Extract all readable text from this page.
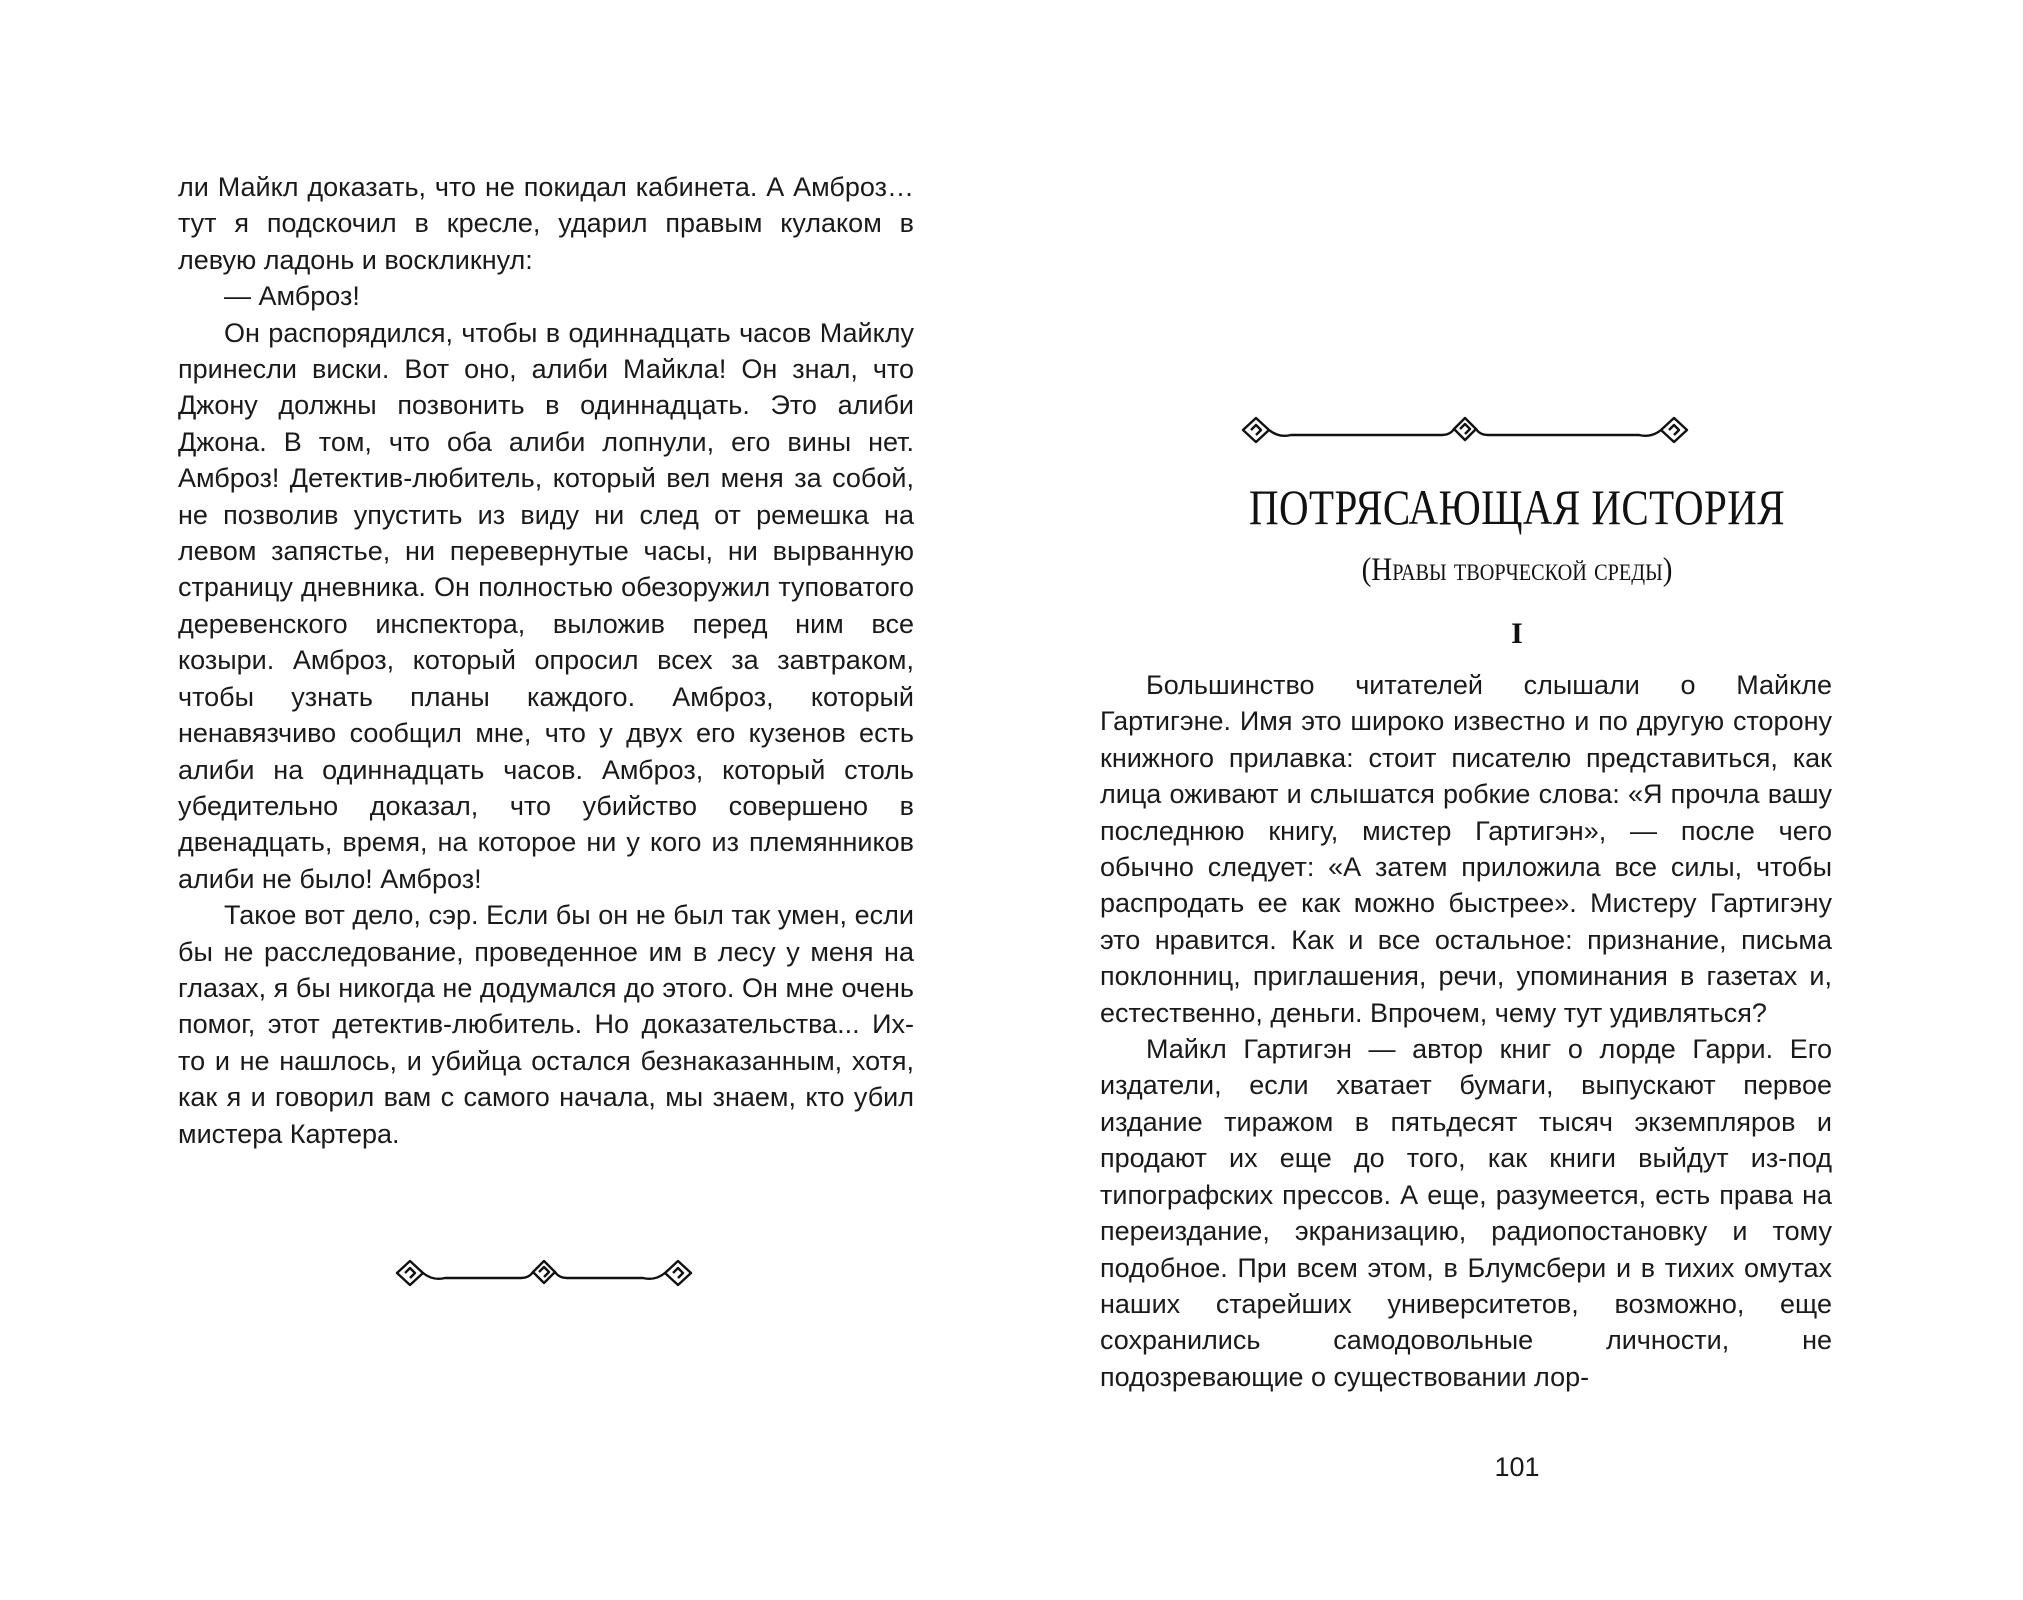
ли Майкл доказать, что не покидал кабинета. А Амброз… тут я подскочил в кресле, ударил правым кулаком в левую ладонь и воскликнул:

— Амброз!

Он распорядился, чтобы в одиннадцать часов Майклу принесли виски. Вот оно, алиби Майкла! Он знал, что Джону должны позвонить в одиннадцать. Это алиби Джона. В том, что оба алиби лопнули, его вины нет. Амброз! Детектив-любитель, который вел меня за собой, не позволив упустить из виду ни след от ремешка на левом запястье, ни перевернутые часы, ни вырванную страницу дневника. Он полностью обезоружил туповатого деревенского инспектора, выложив перед ним все козыри. Амброз, который опросил всех за завтраком, чтобы узнать планы каждого. Амброз, который ненавязчиво сообщил мне, что у двух его кузенов есть алиби на одиннадцать часов. Амброз, который столь убедительно доказал, что убийство совершено в двенадцать, время, на которое ни у кого из племянников алиби не было! Амброз!

Такое вот дело, сэр. Если бы он не был так умен, если бы не расследование, проведенное им в лесу у меня на глазах, я бы никогда не додумался до этого. Он мне очень помог, этот детектив-любитель. Но доказательства... Их-то и не нашлось, и убийца остался безнаказанным, хотя, как я и говорил вам с самого начала, мы знаем, кто убил мистера Картера.

ПОТРЯСАЮЩАЯ ИСТОРИЯ
(Нравы творческой среды)
I

Большинство читателей слышали о Майкле Гартигэне. Имя это широко известно и по другую сторону книжного прилавка: стоит писателю представиться, как лица оживают и слышатся робкие слова: «Я прочла вашу последнюю книгу, мистер Гартигэн», — после чего обычно следует: «А затем приложила все силы, чтобы распродать ее как можно быстрее». Мистеру Гартигэну это нравится. Как и все остальное: признание, письма поклонниц, приглашения, речи, упоминания в газетах и, естественно, деньги. Впрочем, чему тут удивляться?

Майкл Гартигэн — автор книг о лорде Гарри. Его издатели, если хватает бумаги, выпускают первое издание тиражом в пятьдесят тысяч экземпляров и продают их еще до того, как книги выйдут из-под типографских прессов. А еще, разумеется, есть права на переиздание, экранизацию, радиопостановку и тому подобное. При всем этом, в Блумсбери и в тихих омутах наших старейших университетов, возможно, еще сохранились самодовольные личности, не подозревающие о существовании лор-

101
